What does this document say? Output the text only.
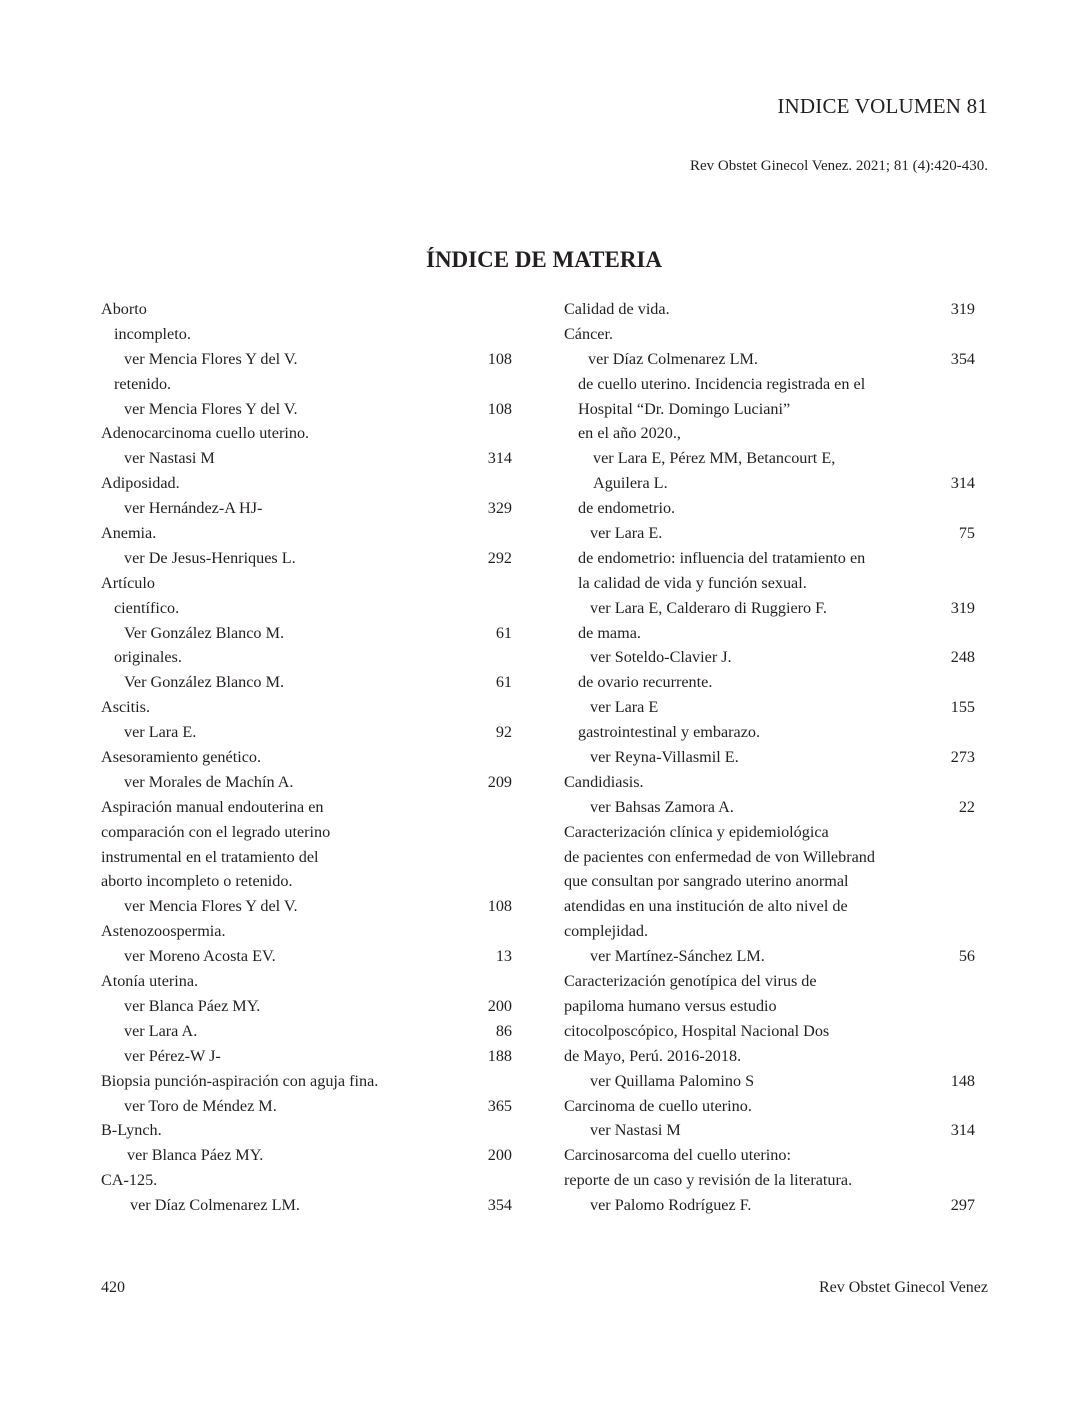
INDICE VOLUMEN 81
Rev Obstet Ginecol Venez. 2021; 81 (4):420-430.
ÍNDICE DE MATERIA
Aborto
incompleto.
ver Mencia Flores Y del V.	108
retenido.
ver Mencia Flores Y del V.	108
Adenocarcinoma cuello uterino.
ver Nastasi M	314
Adiposidad.
ver Hernández-A HJ-	329
Anemia.
ver De Jesus-Henriques L.	292
Artículo
científico.
Ver González Blanco M.	61
originales.
Ver González Blanco M.	61
Ascitis.
ver Lara E.	92
Asesoramiento genético.
ver Morales de Machín A.	209
Aspiración manual endouterina en
comparación con el legrado uterino
instrumental en el tratamiento del
aborto incompleto o retenido.
ver Mencia Flores Y del V.	108
Astenozoospermia.
ver Moreno Acosta EV.	13
Atonía uterina.
ver Blanca Páez MY.	200
ver Lara A.	86
ver Pérez-W J-	188
Biopsia punción-aspiración con aguja fina.
ver Toro de Méndez M.	365
B-Lynch.
ver Blanca Páez MY.	200
CA-125.
ver Díaz Colmenarez LM.	354
Calidad de vida.	319
Cáncer.
ver Díaz Colmenarez LM.	354
de cuello uterino. Incidencia registrada en el
Hospital “Dr. Domingo Luciani”
en el año 2020.,
ver Lara E, Pérez MM, Betancourt E,
Aguilera L.	314
de endometrio.
ver Lara E.	75
de endometrio: influencia del tratamiento en
la calidad de vida y función sexual.
ver Lara E, Calderaro di Ruggiero F.	319
de mama.
ver Soteldo-Clavier J.	248
de ovario recurrente.
ver Lara E	155
gastrointestinal y embarazo.
ver Reyna-Villasmil E.	273
Candidiasis.
ver Bahsas Zamora A.	22
Caracterización clínica y epidemiológica
de pacientes con enfermedad de von Willebrand
que consultan por sangrado uterino anormal
atendidas en una institución de alto nivel de
complejidad.
ver Martínez-Sánchez LM.	56
Caracterización genotípica del virus de
papiloma humano versus estudio
citocolposcópico, Hospital Nacional Dos
de Mayo, Perú. 2016-2018.
ver Quillama Palomino S	148
Carcinoma de cuello uterino.
ver Nastasi M	314
Carcinosarcoma del cuello uterino:
reporte de un caso y revisión de la literatura.
ver Palomo Rodríguez F.	297
420	Rev Obstet Ginecol Venez
